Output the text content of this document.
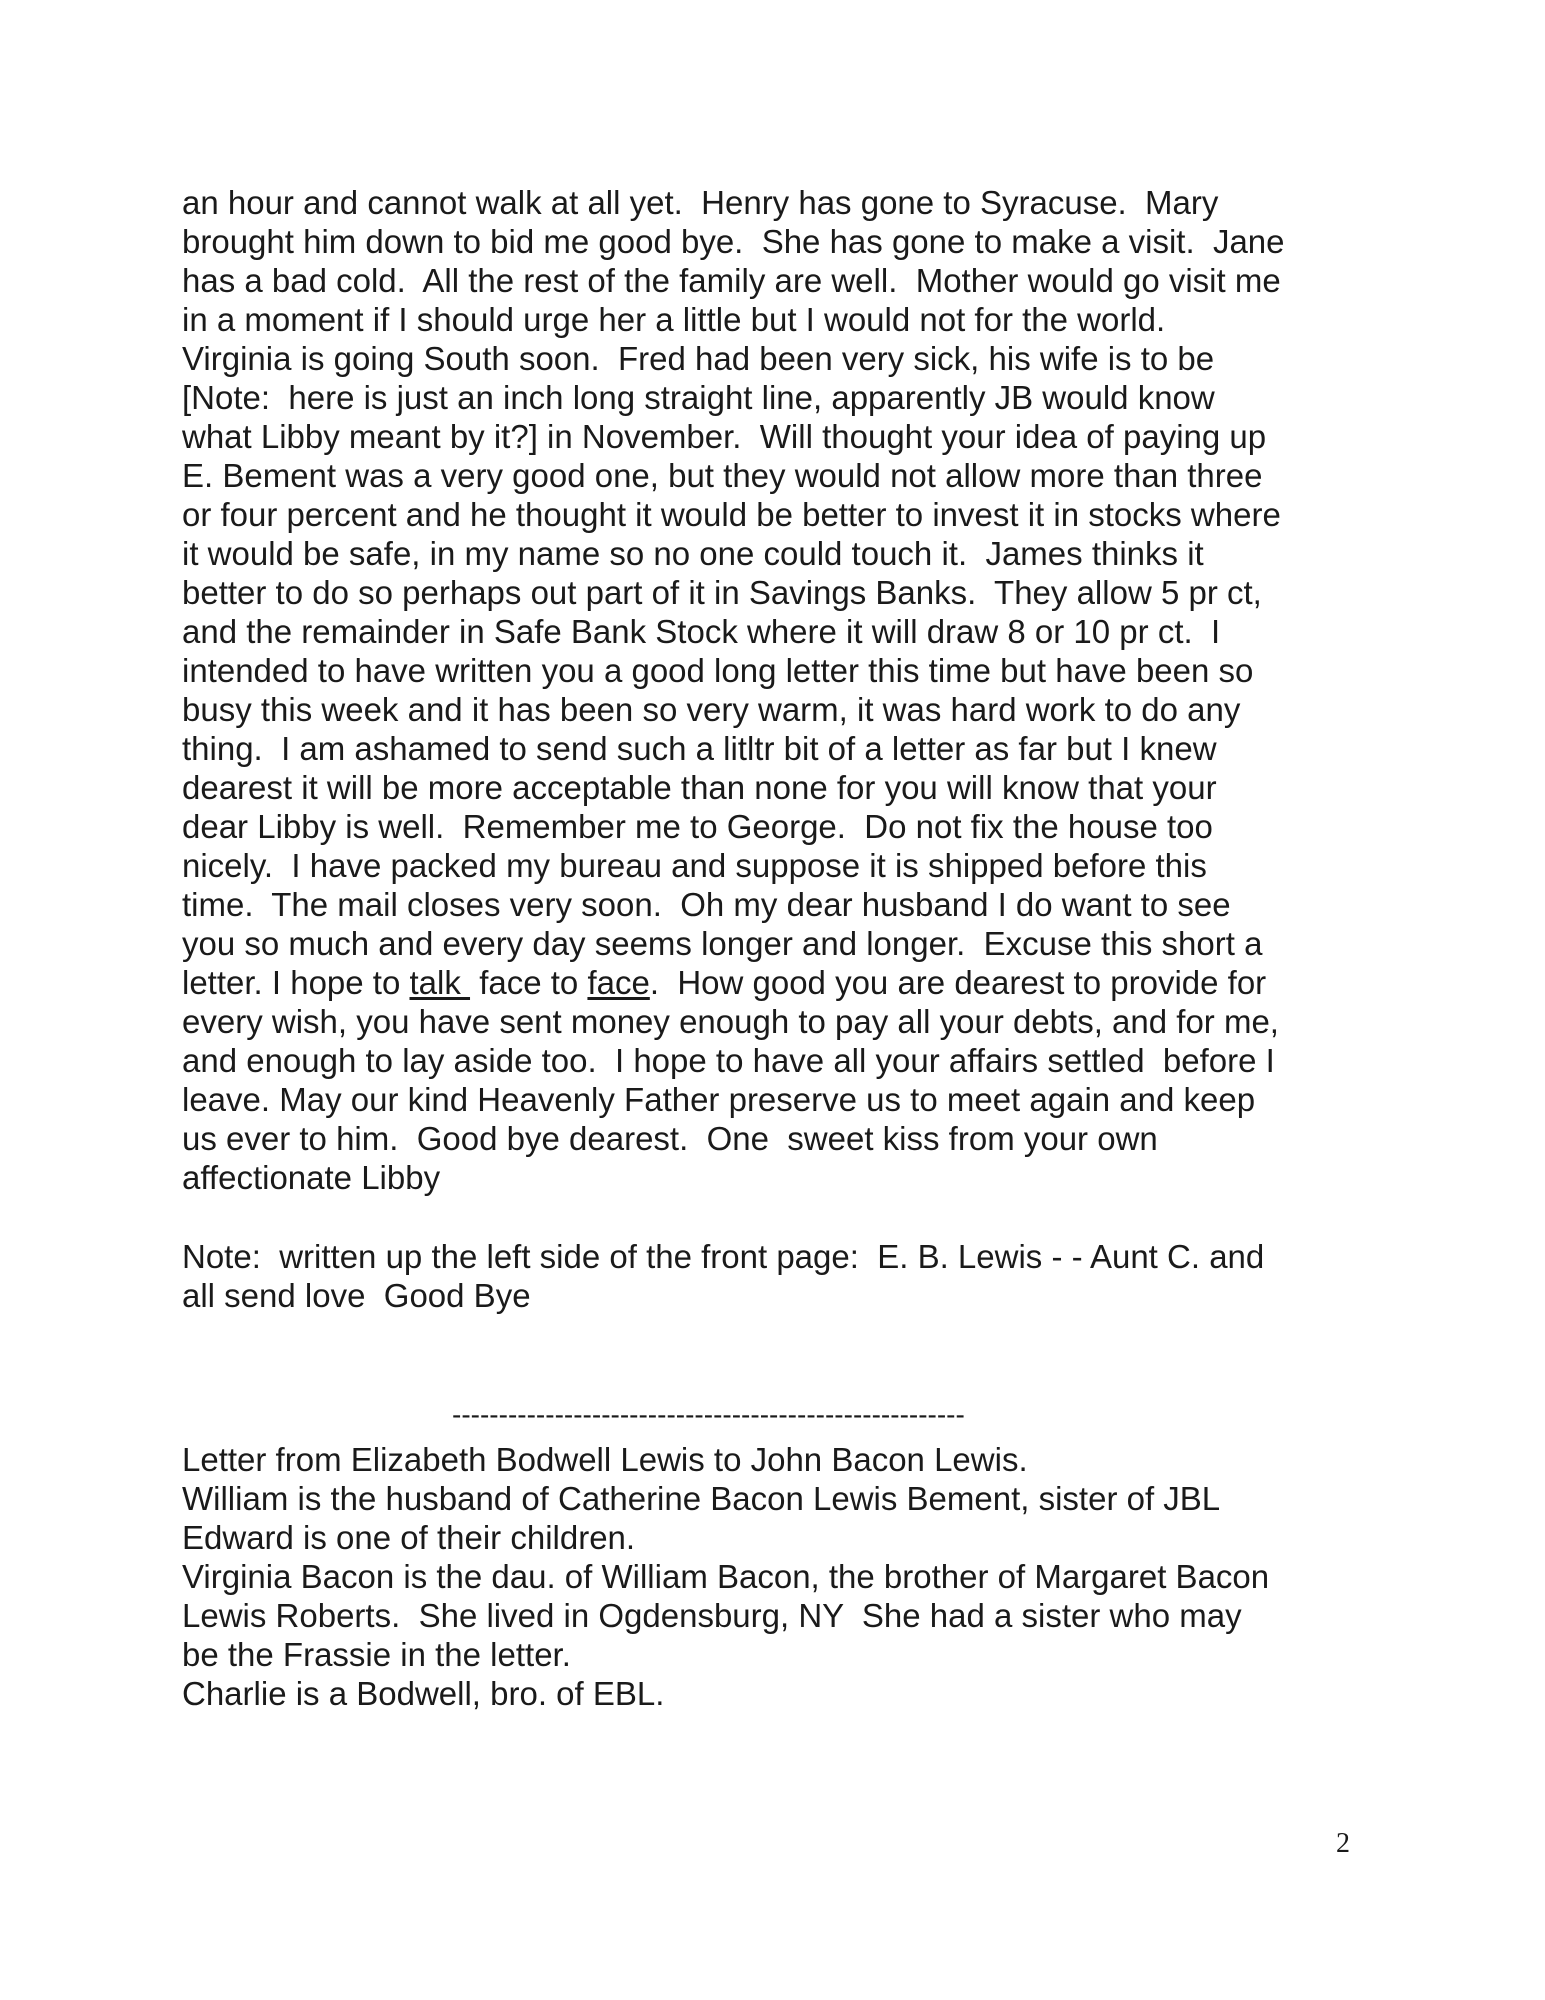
an hour and cannot walk at all yet.  Henry has gone to Syracuse.  Mary
brought him down to bid me good bye.  She has gone to make a visit.  Jane
has a bad cold.  All the rest of the family are well.  Mother would go visit me
in a moment if I should urge her a little but I would not for the world.
Virginia is going South soon.  Fred had been very sick, his wife is to be
[Note:  here is just an inch long straight line, apparently JB would know
what Libby meant by it?] in November.  Will thought your idea of paying up
E. Bement was a very good one, but they would not allow more than three
or four percent and he thought it would be better to invest it in stocks where
it would be safe, in my name so no one could touch it.  James thinks it
better to do so perhaps out part of it in Savings Banks.  They allow 5 pr ct,
and the remainder in Safe Bank Stock where it will draw 8 or 10 pr ct.  I
intended to have written you a good long letter this time but have been so
busy this week and it has been so very warm, it was hard work to do any
thing.  I am ashamed to send such a litltr bit of a letter as far but I knew
dearest it will be more acceptable than none for you will know that your
dear Libby is well.  Remember me to George.  Do not fix the house too
nicely.  I have packed my bureau and suppose it is shipped before this
time.  The mail closes very soon.  Oh my dear husband I do want to see
you so much and every day seems longer and longer.  Excuse this short a
letter. I hope to talk  face to face.  How good you are dearest to provide for
every wish, you have sent money enough to pay all your debts, and for me,
and enough to lay aside too.  I hope to have all your affairs settled  before I
leave. May our kind Heavenly Father preserve us to meet again and keep
us ever to him.  Good bye dearest.  One  sweet kiss from your own
affectionate Libby
Note:  written up the left side of the front page:  E. B. Lewis - - Aunt C. and
all send love  Good Bye
-------------------------------------------------------
Letter from Elizabeth Bodwell Lewis to John Bacon Lewis.
William is the husband of Catherine Bacon Lewis Bement, sister of JBL
Edward is one of their children.
Virginia Bacon is the dau. of William Bacon, the brother of Margaret Bacon
Lewis Roberts.  She lived in Ogdensburg, NY  She had a sister who may
be the Frassie in the letter.
Charlie is a Bodwell, bro. of EBL.
2
